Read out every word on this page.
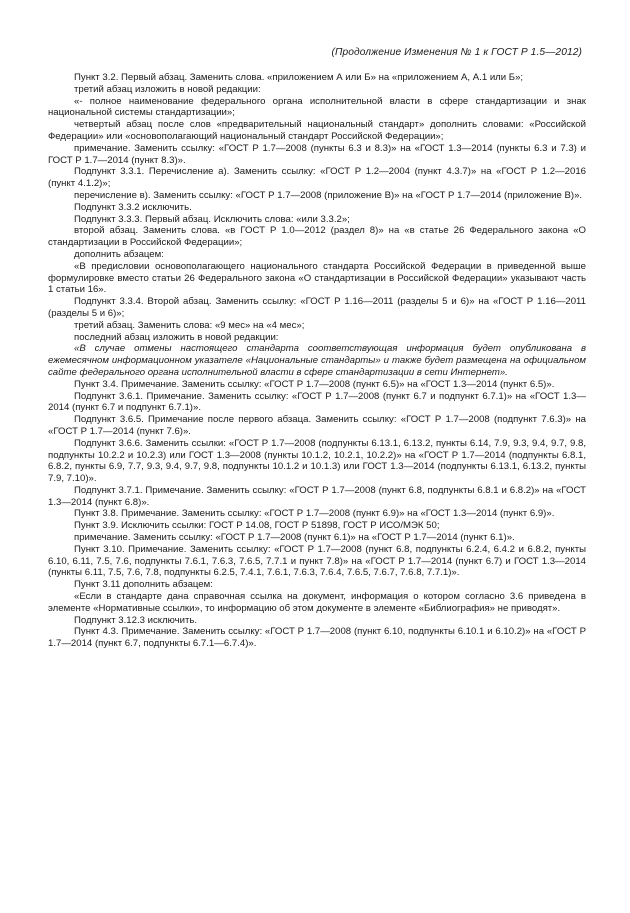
(Продолжение Изменения № 1 к ГОСТ Р 1.5—2012)

Пункт 3.2. Первый абзац. Заменить слова. «приложением А или Б» на «приложением А, А.1 или Б»;

третий абзац изложить в новой редакции:

«- полное наименование федерального органа исполнительной власти в сфере стандартизации и знак национальной системы стандартизации»;

четвертый абзац после слов «предварительный национальный стандарт» дополнить словами: «Российской Федерации» или «основополагающий национальный стандарт Российской Федерации»;

примечание. Заменить ссылку: «ГОСТ Р 1.7—2008 (пункты 6.3 и 8.3)» на «ГОСТ 1.3—2014 (пункты 6.3 и 7.3) и ГОСТ Р 1.7—2014 (пункт 8.3)».

Подпункт 3.3.1. Перечисление а). Заменить ссылку: «ГОСТ Р 1.2—2004 (пункт 4.3.7)» на «ГОСТ Р 1.2—2016 (пункт 4.1.2)»;

перечисление в). Заменить ссылку: «ГОСТ Р 1.7—2008 (приложение В)» на «ГОСТ Р 1.7—2014 (приложение В)».

Подпункт 3.3.2 исключить.

Подпункт 3.3.3. Первый абзац. Исключить слова: «или 3.3.2»;

второй абзац. Заменить слова. «в ГОСТ Р 1.0—2012 (раздел 8)» на «в статье 26 Федерального закона «О стандартизации в Российской Федерации»;

дополнить абзацем:

«В предисловии основополагающего национального стандарта Российской Федерации в приведенной выше формулировке вместо статьи 26 Федерального закона «О стандартизации в Российской Федерации» указывают часть 1 статьи 16».

Подпункт 3.3.4. Второй абзац. Заменить ссылку: «ГОСТ Р 1.16—2011 (разделы 5 и 6)» на «ГОСТ Р 1.16—2011 (разделы 5 и 6)»;

третий абзац. Заменить слова: «9 мес» на «4 мес»;

последний абзац изложить в новой редакции:

«В случае отмены настоящего стандарта соответствующая информация будет опубликована в ежемесячном информационном указателе «Национальные стандарты» и также будет размещена на официальном сайте федерального органа исполнительной власти в сфере стандартизации в сети Интернет».

Пункт 3.4. Примечание. Заменить ссылку: «ГОСТ Р 1.7—2008 (пункт 6.5)» на «ГОСТ 1.3—2014 (пункт 6.5)».

Подпункт 3.6.1. Примечание. Заменить ссылку: «ГОСТ Р 1.7—2008 (пункт 6.7 и подпункт 6.7.1)» на «ГОСТ 1.3—2014 (пункт 6.7 и подпункт 6.7.1)».

Подпункт 3.6.5. Примечание после первого абзаца. Заменить ссылку: «ГОСТ Р 1.7—2008 (подпункт 7.6.3)» на «ГОСТ Р 1.7—2014 (пункт 7.6)».

Подпункт 3.6.6. Заменить ссылки: «ГОСТ Р 1.7—2008 (подпункты 6.13.1, 6.13.2, пункты 6.14, 7.9, 9.3, 9.4, 9.7, 9.8, подпункты 10.2.2 и 10.2.3) или ГОСТ 1.3—2008 (пункты 10.1.2, 10.2.1, 10.2.2)» на «ГОСТ Р 1.7—2014 (подпункты 6.8.1, 6.8.2, пункты 6.9, 7.7, 9.3, 9.4, 9.7, 9.8, подпункты 10.1.2 и 10.1.3) или ГОСТ 1.3—2014 (подпункты 6.13.1, 6.13.2, пункты 7.9, 7.10)».

Подпункт 3.7.1. Примечание. Заменить ссылку: «ГОСТ Р 1.7—2008 (пункт 6.8, подпункты 6.8.1 и 6.8.2)» на «ГОСТ 1.3—2014 (пункт 6.8)».

Пункт 3.8. Примечание. Заменить ссылку: «ГОСТ Р 1.7—2008 (пункт 6.9)» на «ГОСТ 1.3—2014 (пункт 6.9)».

Пункт 3.9. Исключить ссылки: ГОСТ Р 14.08, ГОСТ Р 51898, ГОСТ Р ИСО/МЭК 50;

примечание. Заменить ссылку: «ГОСТ Р 1.7—2008 (пункт 6.1)» на «ГОСТ Р 1.7—2014 (пункт 6.1)».

Пункт 3.10. Примечание. Заменить ссылку: «ГОСТ Р 1.7—2008 (пункт 6.8, подпункты 6.2.4, 6.4.2 и 6.8.2, пункты 6.10, 6.11, 7.5, 7.6, подпункты 7.6.1, 7.6.3, 7.6.5, 7.7.1 и пункт 7.8)» на «ГОСТ Р 1.7—2014 (пункт 6.7) и ГОСТ 1.3—2014 (пункты 6.11, 7.5, 7.6, 7.8, подпункты 6.2.5, 7.4.1, 7.6.1, 7.6.3, 7.6.4, 7.6.5, 7.6.7, 7.6.8, 7.7.1)».

Пункт 3.11 дополнить абзацем:

«Если в стандарте дана справочная ссылка на документ, информация о котором согласно 3.6 приведена в элементе «Нормативные ссылки», то информацию об этом документе в элементе «Библиография» не приводят».

Подпункт 3.12.3 исключить.

Пункт 4.3. Примечание. Заменить ссылку: «ГОСТ Р 1.7—2008 (пункт 6.10, подпункты 6.10.1 и 6.10.2)» на «ГОСТ Р 1.7—2014 (пункт 6.7, подпункты 6.7.1—6.7.4)».
